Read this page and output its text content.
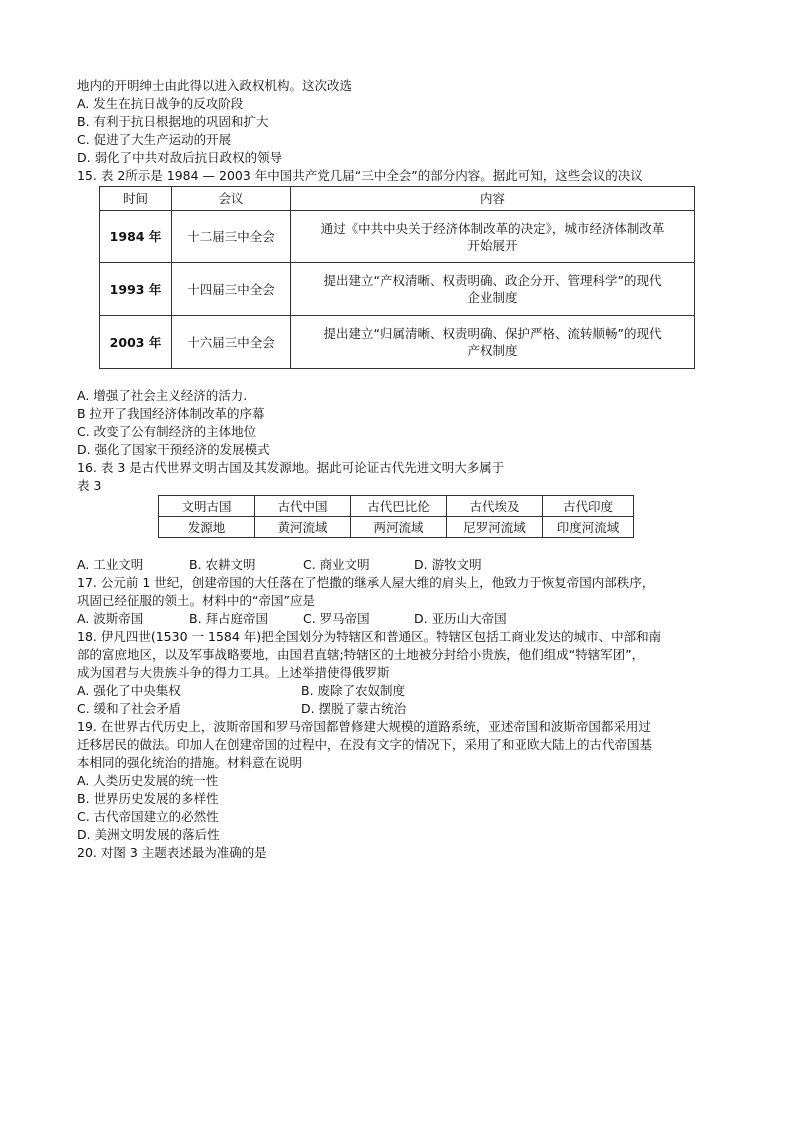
地内的开明绅士由此得以进入政权机构。这次改选
A. 发生在抗日战争的反攻阶段
B. 有利于抗日根据地的巩固和扩大
C. 促进了大生产运动的开展
D. 弱化了中共对敌后抗日政权的领导
15. 表 2所示是 1984 — 2003 年中国共产党几届“三中全会”的部分内容。据此可知，这些会议的决议
时间	会议	内容
1984 年	十二届三中全会	通过《中共中央关于经济体制改革的决定》，城市经济体制改革
开始展开

1993 年	十四届三中全会	提出建立“产权清晰、权责明确、政企分开、管理科学”的现代
企业制度

2003 年	十六届三中全会	提出建立“归属清晰、权责明确、保护严格、流转顺畅”的现代
产权制度
A. 增强了社会主义经济的活力.
B 拉开了我国经济体制改革的序幕
C. 改变了公有制经济的主体地位
D. 强化了国家干预经济的发展模式
16. 表 3 是古代世界文明古国及其发源地。据此可论证古代先进文明大多属于
表 3
文明古国	古代中国	古代巴比伦	古代埃及	古代印度
发源地	黄河流域	两河流域	尼罗河流域	印度河流域
A. 工业文明	B. 农耕文明	C. 商业文明	D. 游牧文明
17. 公元前 1 世纪，创建帝国的大任落在了恺撒的继承人屋大维的肩头上，他致力于恢复帝国内部秩序，
巩固已经征服的领土。材料中的“帝国”应是
A. 波斯帝国	B. 拜占庭帝国	C. 罗马帝国	D. 亚历山大帝国
18. 伊凡四世(1530 一 1584 年)把全国划分为特辖区和普通区。特辖区包括工商业发达的城市、中部和南
部的富庶地区，以及军事战略要地，由国君直辖;特辖区的土地被分封给小贵族，他们组成“特辖军团”，
成为国君与大贵族斗争的得力工具。上述举措使得俄罗斯
A. 强化了中央集权	B. 废除了农奴制度
C. 缓和了社会矛盾	D. 摆脱了蒙古统治
19. 在世界古代历史上，波斯帝国和罗马帝国都曾修建大规模的道路系统，亚述帝国和波斯帝国都采用过
迁移居民的做法。印加人在创建帝国的过程中，在没有文字的情况下，采用了和亚欧大陆上的古代帝国基
本相同的强化统治的措施。材料意在说明
A. 人类历史发展的统一性
B. 世界历史发展的多样性
C. 古代帝国建立的必然性
D. 美洲文明发展的落后性
20. 对图 3 主题表述最为准确的是
